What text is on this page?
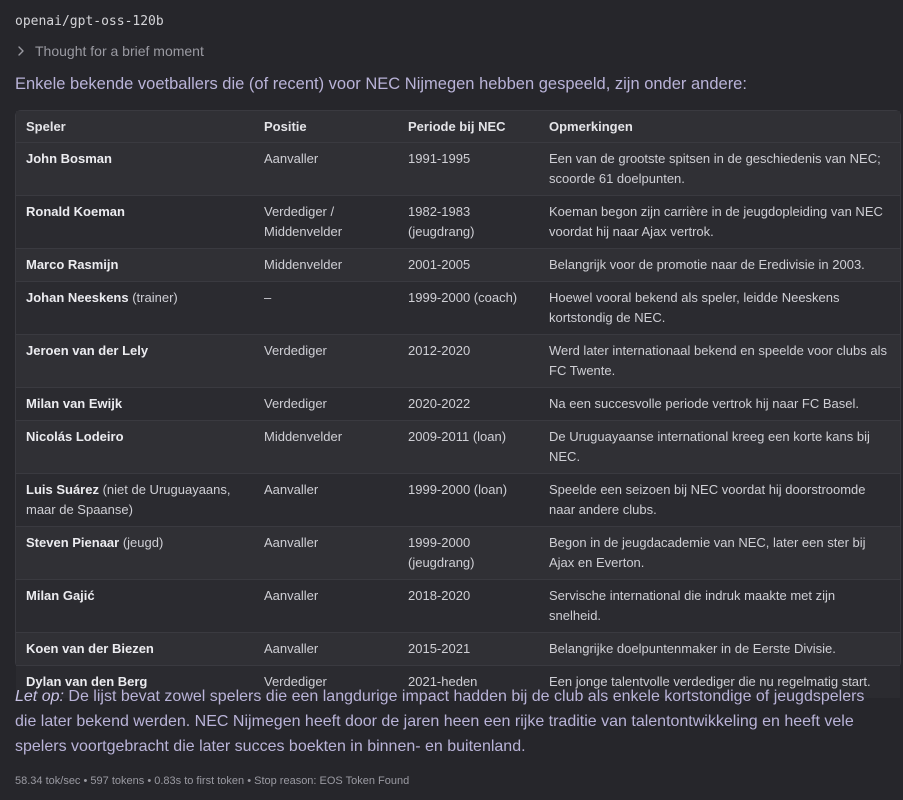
openai/gpt-oss-120b
Thought for a brief moment
Enkele bekende voetballers die (of recent) voor NEC Nijmegen hebben gespeeld, zijn onder andere:
Speler	Positie	Periode bij NEC	Opmerkingen
John Bosman	Aanvaller	1991-1995	Een van de grootste spitsen in de geschiedenis van NEC; scoorde 61 doelpunten.
Ronald Koeman	Verdediger / Middenvelder	1982-1983 (jeugdrang)	Koeman begon zijn carrière in de jeugdopleiding van NEC voordat hij naar Ajax vertrok.
Marco Rasmijn	Middenvelder	2001-2005	Belangrijk voor de promotie naar de Eredivisie in 2003.
Johan Neeskens (trainer)	–	1999-2000 (coach)	Hoewel vooral bekend als speler, leidde Neeskens kortstondig de NEC.
Jeroen van der Lely	Verdediger	2012-2020	Werd later internationaal bekend en speelde voor clubs als FC Twente.
Milan van Ewijk	Verdediger	2020-2022	Na een succesvolle periode vertrok hij naar FC Basel.
Nicolás Lodeiro	Middenvelder	2009-2011 (loan)	De Uruguayaanse international kreeg een korte kans bij NEC.
Luis Suárez (niet de Uruguayaans, maar de Spaanse)	Aanvaller	1999-2000 (loan)	Speelde een seizoen bij NEC voordat hij doorstroomde naar andere clubs.
Steven Pienaar (jeugd)	Aanvaller	1999-2000 (jeugdrang)	Begon in de jeugdacademie van NEC, later een ster bij Ajax en Everton.
Milan Gajić	Aanvaller	2018-2020	Servische international die indruk maakte met zijn snelheid.
Koen van der Biezen	Aanvaller	2015-2021	Belangrijke doelpuntenmaker in de Eerste Divisie.
Dylan van den Berg	Verdediger	2021-heden	Een jonge talentvolle verdediger die nu regelmatig start.
Let op: De lijst bevat zowel spelers die een langdurige impact hadden bij de club als enkele kortstondige of jeugdspelers die later bekend werden. NEC Nijmegen heeft door de jaren heen een rijke traditie van talentontwikkeling en heeft vele spelers voortgebracht die later succes boekten in binnen- en buitenland.
58.34 tok/sec • 597 tokens • 0.83s to first token • Stop reason: EOS Token Found
